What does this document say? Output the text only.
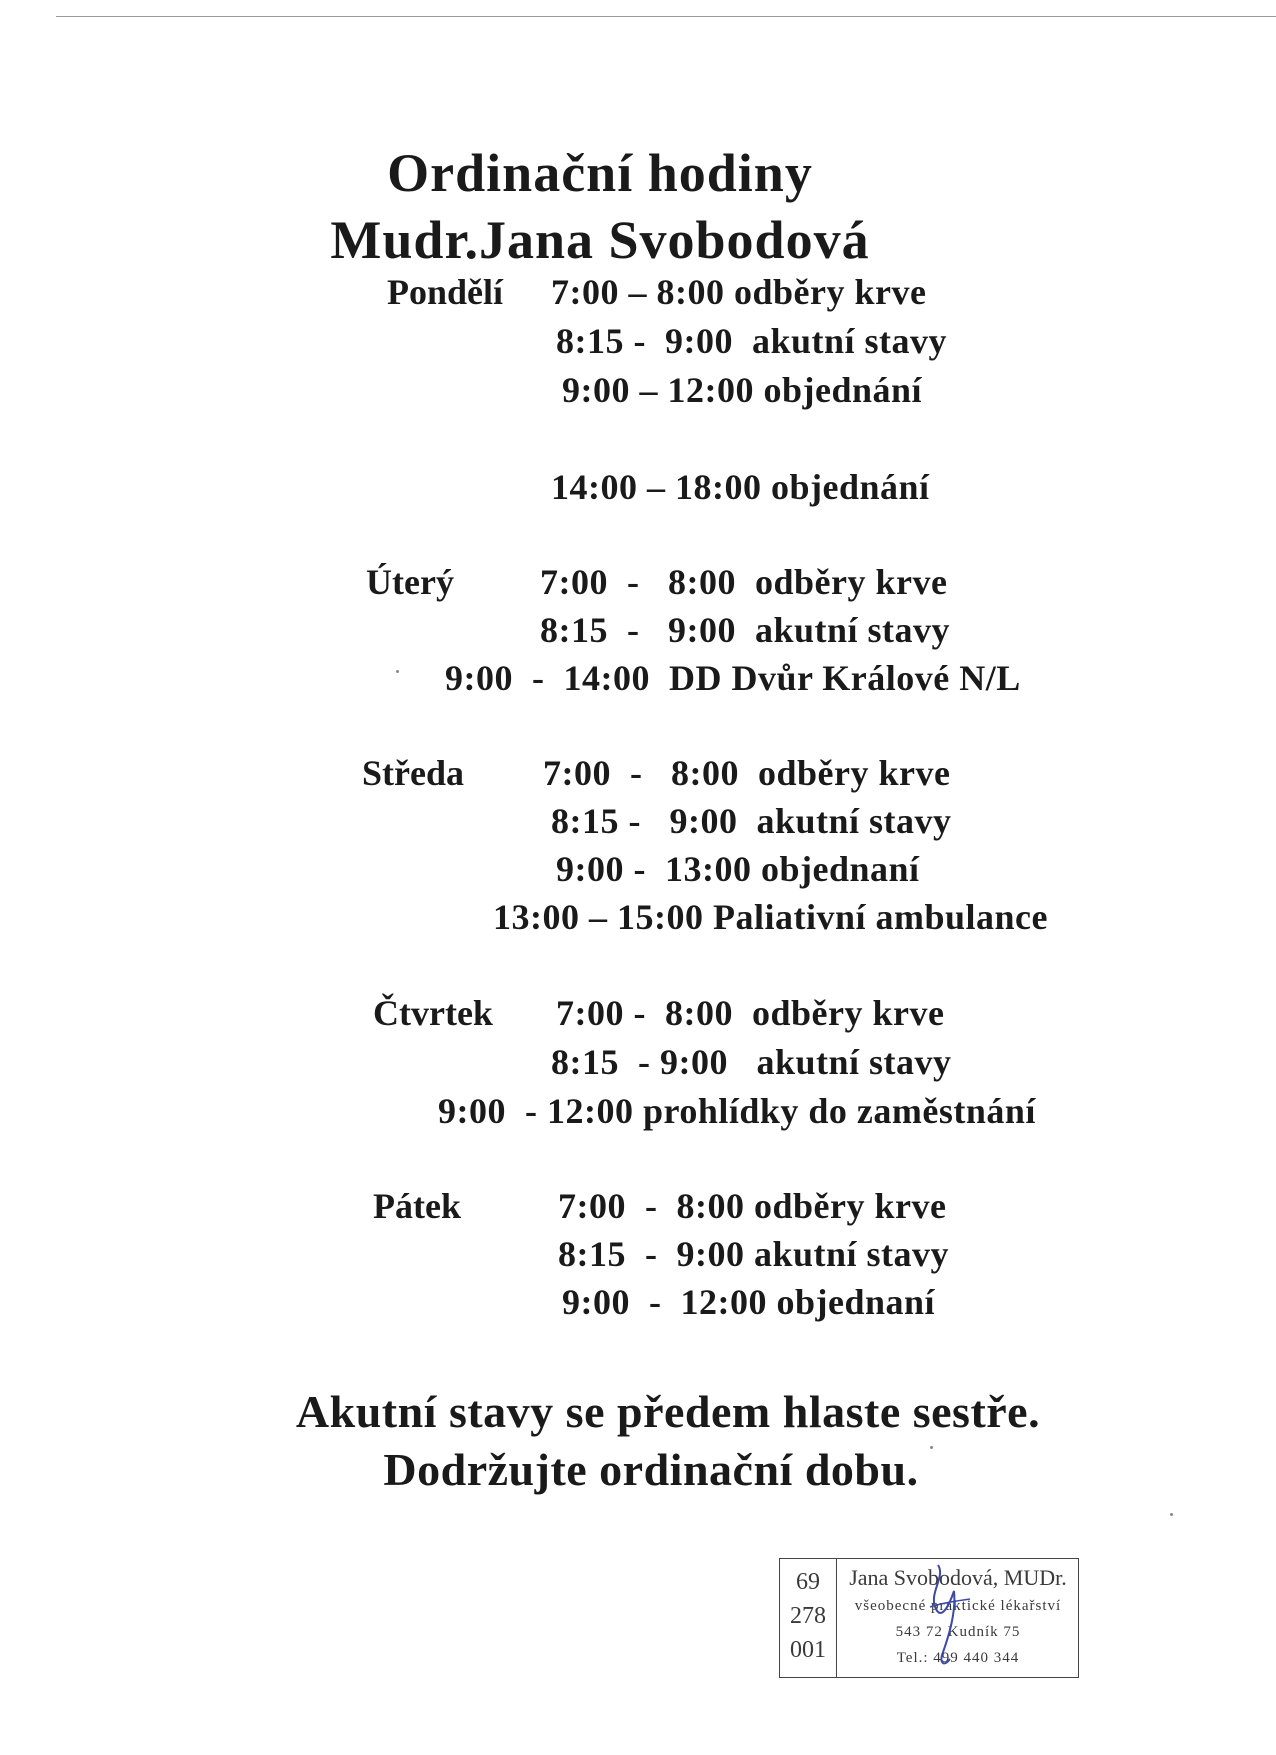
Ordinační hodiny
Mudr.Jana Svobodová
Pondělí 7:00 – 8:00 odběry krve
8:15 -  9:00  akutní stavy
9:00 – 12:00 objednání
14:00 – 18:00 objednání
Úterý 7:00  -   8:00  odběry krve
8:15  -   9:00  akutní stavy
9:00  -  14:00  DD Dvůr Králové N/L
Středa 7:00  -   8:00  odběry krve
8:15 -   9:00  akutní stavy
9:00 -  13:00 objednaní
13:00 – 15:00 Paliativní ambulance
Čtvrtek 7:00 -  8:00  odběry krve
8:15  - 9:00   akutní stavy
9:00  - 12:00 prohlídky do zaměstnání
Pátek	7:00  -  8:00 odběry krve
8:15  -  9:00 akutní stavy
9:00  -  12:00 objednaní
Akutní stavy se předem hlaste sestře.
Dodržujte ordinační dobu.
69
278
001
Jana Svobodová, MUDr.
všeobecné praktické lékařství
543 72 Kudník 75
Tel.: 499 440 344
